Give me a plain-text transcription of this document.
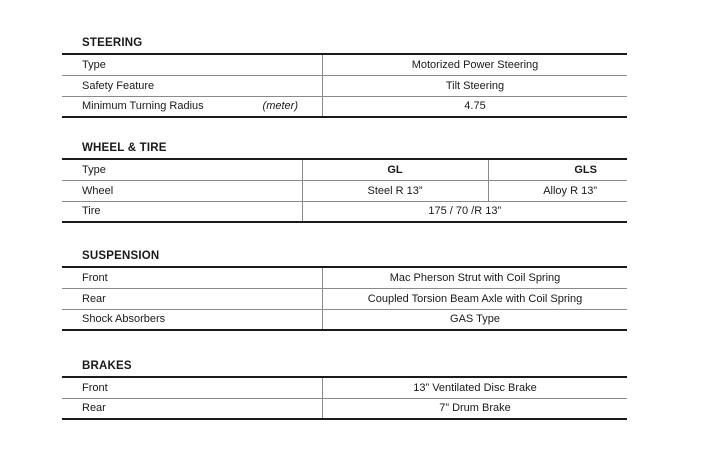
STEERING
Type	Motorized Power Steering
Safety Feature	Tilt Steering
Minimum Turning Radius (meter)	4.75
WHEEL & TIRE
Type	GL	GLS
Wheel	Steel R 13”	Alloy R 13”
Tire	175 / 70 /R 13”	
SUSPENSION
Front	Mac Pherson Strut with Coil Spring
Rear	Coupled Torsion Beam Axle with Coil Spring
Shock Absorbers	GAS Type
BRAKES
Front	13” Ventilated Disc Brake
Rear	7” Drum Brake
